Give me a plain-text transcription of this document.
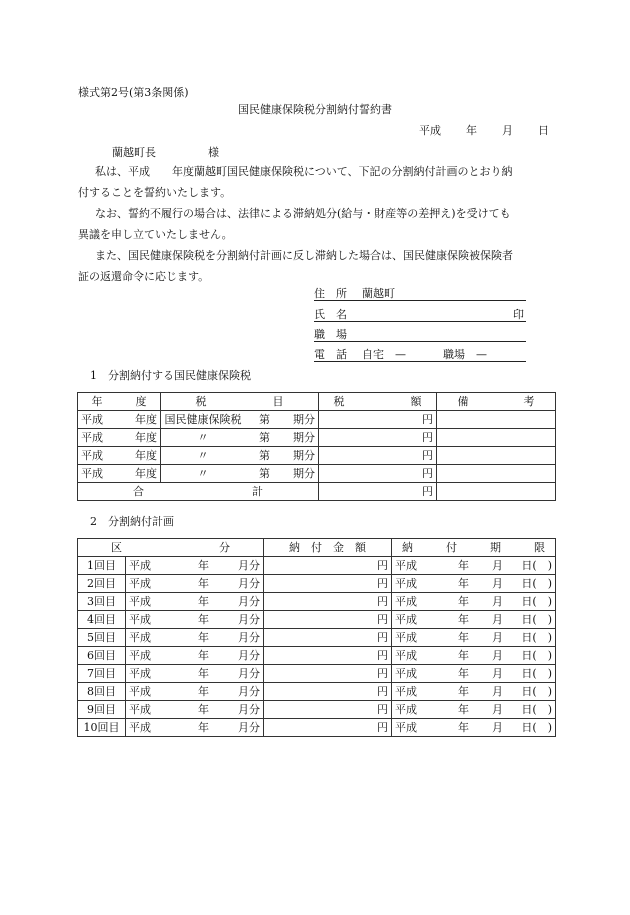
様式第2号(第3条関係)
国民健康保険税分割納付誓約書
平成 年 月 日
蘭越町長	様
私は、平成　　年度蘭越町国民健康保険税について、下記の分割納付計画のとおり納
付することを誓約いたします。
なお、誓約不履行の場合は、法律による滞納処分(給与・財産等の差押え)を受けても
異議を申し立ていたしません。
また、国民健康保険税を分割納付計画に反し滞納した場合は、国民健康保険被保険者
証の返還命令に応じます。
住　所 蘭越町
氏　名	印
職　場
電　話 自宅　—	職場　—
1　分割納付する国民健康保険税
年　　　度	税　　　　　　目	税　　　　　　額	備　　　　　考

平成 年度	国民健康保険税 第 期分	円	

平成 年度	〃 第 期分	円	

平成 年度	〃 第 期分	円	

平成 年度	〃 第 期分	円	

合 計		円	
2　分割納付計画
区 分		納　付　金　額	納　　　付　　　期　　　限
1回目	平成 年 月分	円	平成 年 月 日(　)

2回目	平成 年 月分	円	平成 年 月 日(　)

3回目	平成 年 月分	円	平成 年 月 日(　)

4回目	平成 年 月分	円	平成 年 月 日(　)

5回目	平成 年 月分	円	平成 年 月 日(　)

6回目	平成 年 月分	円	平成 年 月 日(　)

7回目	平成 年 月分	円	平成 年 月 日(　)

8回目	平成 年 月分	円	平成 年 月 日(　)

9回目	平成 年 月分	円	平成 年 月 日(　)

10回目	平成 年 月分	円	平成 年 月 日(　)
